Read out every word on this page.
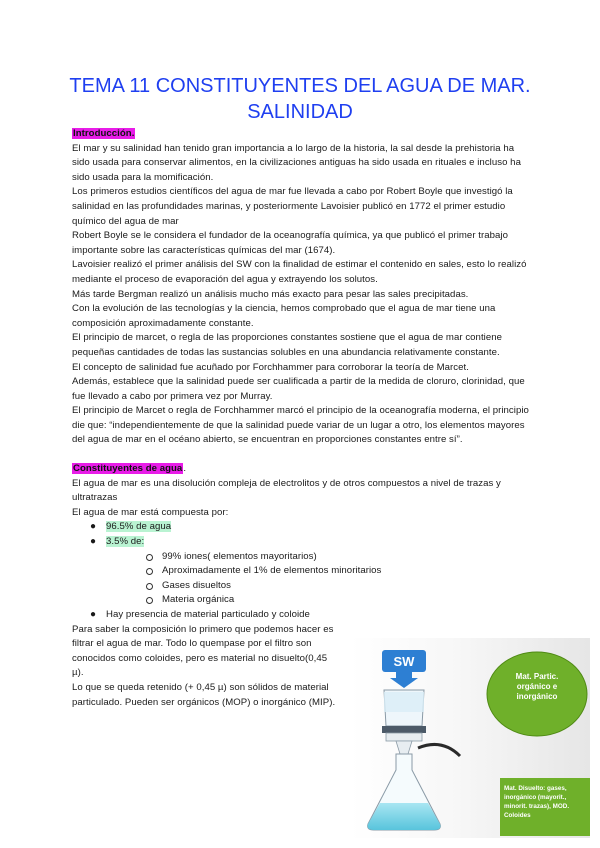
TEMA 11 CONSTITUYENTES DEL AGUA DE MAR. SALINIDAD

Introducción.

El mar y su salinidad han tenido gran importancia a lo largo de la historia, la sal desde la prehistoria ha sido usada para conservar alimentos, en la civilizaciones antiguas ha sido usada en rituales e incluso ha sido usada para la momificación.

Los primeros estudios científicos del agua de mar fue llevada a cabo por Robert Boyle que investigó la salinidad en las profundidades marinas, y posteriormente Lavoisier publicó en 1772 el primer estudio químico del agua de mar

Robert Boyle se le considera el fundador de la oceanografía química, ya que publicó el primer trabajo importante sobre las características químicas del mar (1674).

Lavoisier realizó el primer análisis del SW con la finalidad de estimar el contenido en sales, esto lo realizó mediante el proceso de evaporación del agua y extrayendo los solutos.

Más tarde Bergman realizó un análisis mucho más exacto para pesar las sales precipitadas.

Con la evolución de las tecnologías y la ciencia, hemos comprobado que el agua de mar tiene una composición aproximadamente constante.

El principio de marcet, o regla de las proporciones constantes sostiene que el agua de mar contiene pequeñas cantidades de todas las sustancias solubles en una abundancia relativamente constante.

El concepto de salinidad fue acuñado por Forchhammer para corroborar la teoría de Marcet.

Además, establece que la salinidad puede ser cualificada a partir de la medida de cloruro, clorinidad, que fue llevado a cabo por primera vez por Murray.

El principio de Marcet o regla de Forchhammer marcó el principio de la oceanografía moderna, el principio die que: “independientemente de que la salinidad puede variar de un lugar a otro, los elementos mayores del agua de mar en el océano abierto, se encuentran en proporciones constantes entre sí”.

Constituyentes de agua.

El agua de mar es una disolución compleja de electrolitos y de otros compuestos a nivel de trazas y ultratrazas

El agua de mar está compuesta por:

● 96.5% de agua
● 3.5% de:
99% iones( elementos mayoritarios)
Aproximadamente el 1% de elementos minoritarios
Gases disueltos
Materia orgánica
● Hay presencia de material particulado y coloide

Para saber la composición lo primero que podemos hacer es filtrar el agua de mar. Todo lo quempase por el filtro son conocidos como coloides, pero es material no disuelto(0,45 µ).

Lo que se queda retenido (+ 0,45 µ) son sólidos de material particulado. Pueden ser orgánicos (MOP) o inorgánico (MIP).

SW
Mat. Partic. orgánico e inorgánico
Mat. Disuelto: gases, inorgánico (mayorit., minorit. trazas), MOD. Coloides
